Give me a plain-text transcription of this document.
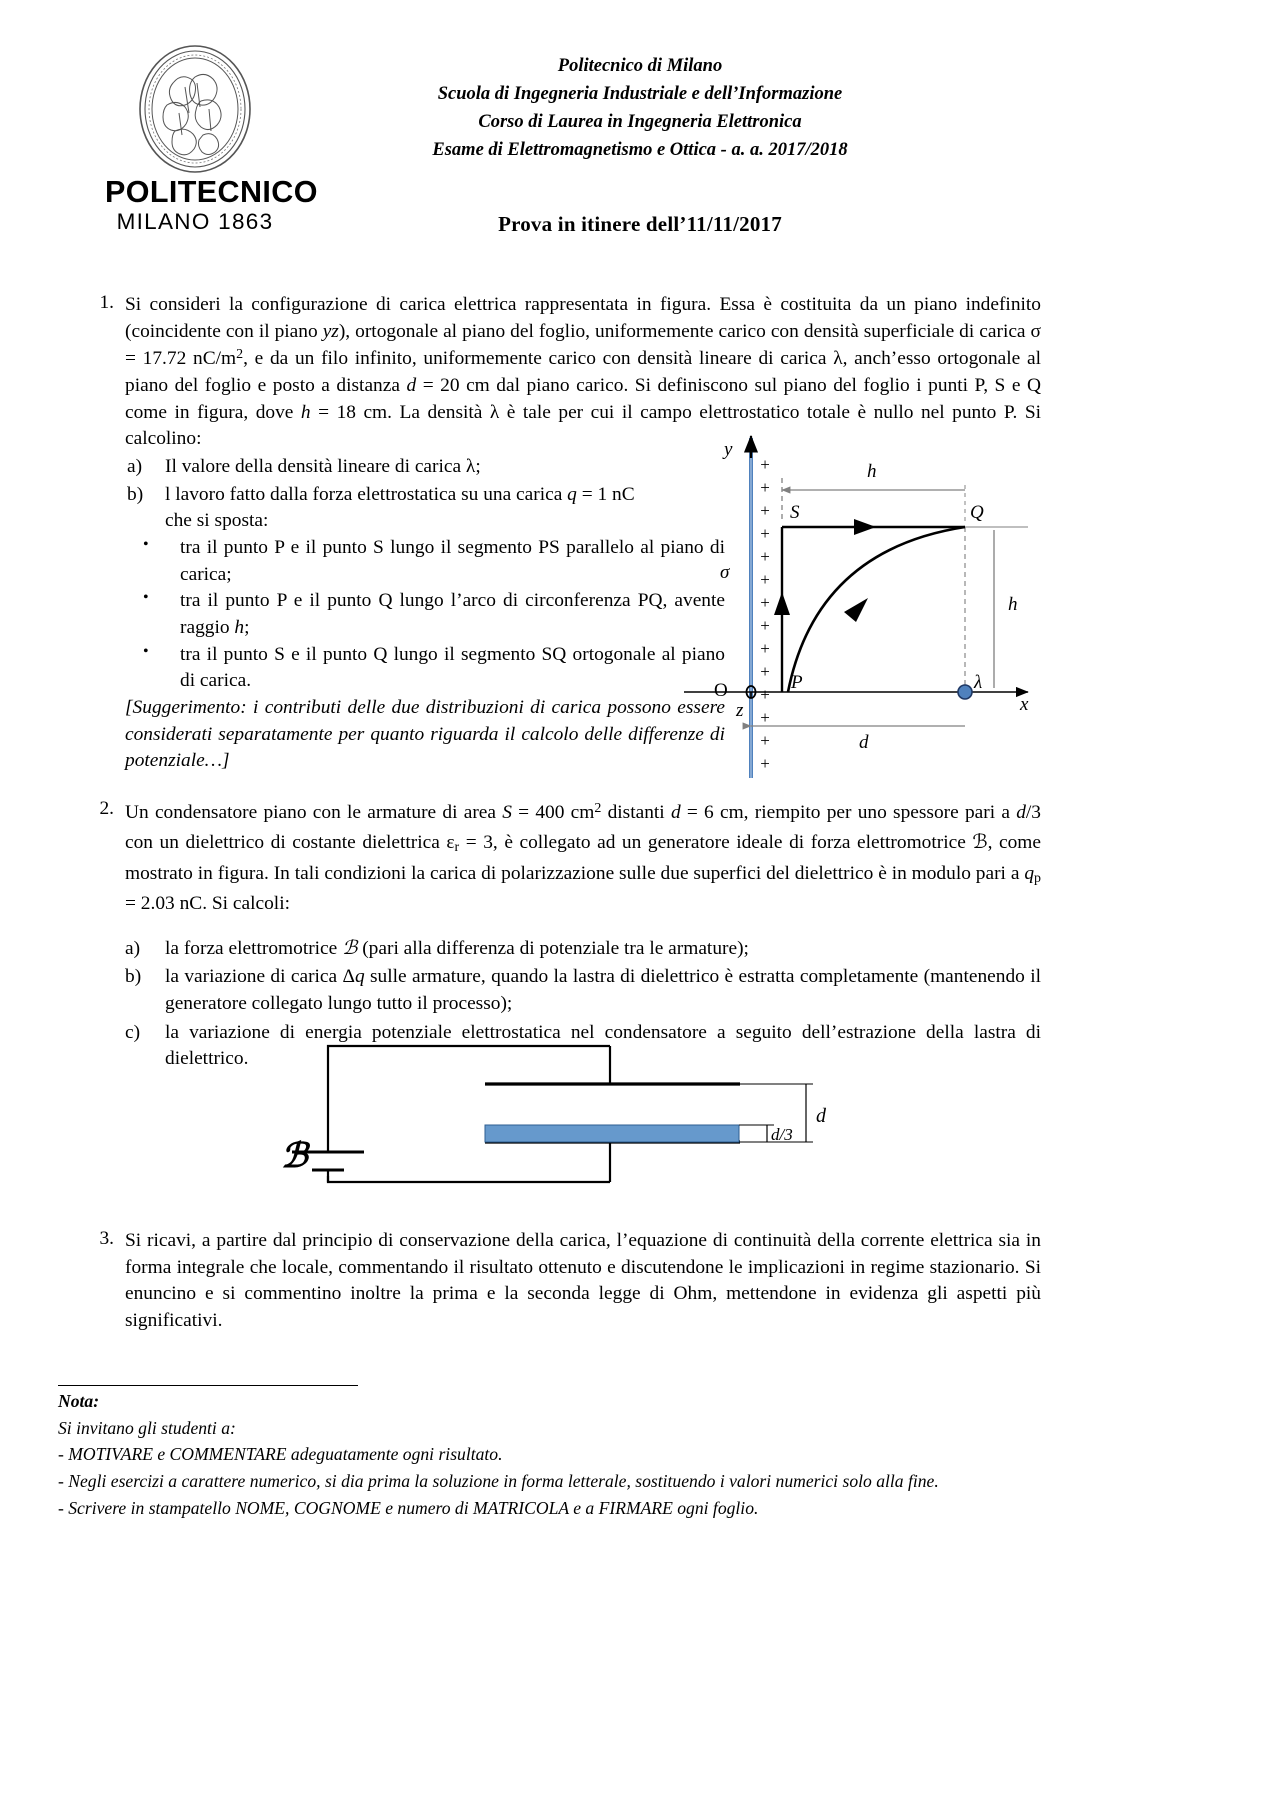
POLITECNICO
MILANO 1863
Politecnico di Milano
Scuola di Ingegneria Industriale e dell’Informazione
Corso di Laurea in Ingegneria Elettronica
Esame di Elettromagnetismo e Ottica - a. a. 2017/2018
Prova in itinere dell’11/11/2017
1. Si consideri la configurazione di carica elettrica rappresentata in figura. Essa è costituita da un piano indefinito (coincidente con il piano yz), ortogonale al piano del foglio, uniformemente carico con densità superficiale di carica σ = 17.72 $nC/m^2$, e da un filo infinito, uniformemente carico con densità lineare di carica λ, anch’esso ortogonale al piano del foglio e posto a distanza d = 20 cm dal piano carico. Si definiscono sul piano del foglio i punti P, S e Q come in figura, dove h = 18 cm. La densità λ è tale per cui il campo elettrostatico totale è nullo nel punto P. Si calcolino:
a)	Il valore della densità lineare di carica λ;
b)	l lavoro fatto dalla forza elettrostatica su una carica q = 1 nC
che si sposta:
• tra il punto P e il punto S lungo il segmento PS parallelo al piano di carica;
• tra il punto P e il punto Q lungo l’arco di circonferenza PQ, avente raggio h;
• tra il punto S e il punto Q lungo il segmento SQ ortogonale al piano di carica.
[Suggerimento: i contributi delle due distribuzioni di carica possono essere considerati separatamente per quanto riguarda il calcolo delle differenze di potenziale…]
+
+
+
+
+
+
+
+
+
+
+
+
+
+
y
x
z
σ
h
h
d
S	Q
P	λ
O
2. Un condensatore piano con le armature di area S = 400 $cm^2$ distanti d = 6 cm, riempito per uno spessore pari a d/3 con un dielettrico di costante dielettrica $\varepsilon_r = 3$, è collegato ad un generatore ideale di forza elettromotrice ℬ, come mostrato in figura. In tali condizioni la carica di polarizzazione sulle due superfici del dielettrico è in modulo pari a $q_p = 2.03$ nC. Si calcoli:
a)	la forza elettromotrice ℬ (pari alla differenza di potenziale tra le armature);
b)	la variazione di carica Δq sulle armature, quando la lastra di dielettrico è estratta completamente (mantenendo il generatore collegato lungo tutto il processo);
c)	la variazione di energia potenziale elettrostatica nel condensatore a seguito dell’estrazione della lastra di dielettrico.
ℬ
d
d/3
3. Si ricavi, a partire dal principio di conservazione della carica, l’equazione di continuità della corrente elettrica sia in forma integrale che locale, commentando il risultato ottenuto e discutendone le implicazioni in regime stazionario. Si enuncino e si commentino inoltre la prima e la seconda legge di Ohm, mettendone in evidenza gli aspetti più significativi.
Nota:
Si invitano gli studenti a:
- MOTIVARE e COMMENTARE adeguatamente ogni risultato.
- Negli esercizi a carattere numerico, si dia prima la soluzione in forma letterale, sostituendo i valori numerici solo alla fine.
- Scrivere in stampatello NOME, COGNOME e numero di MATRICOLA e a FIRMARE ogni foglio.
